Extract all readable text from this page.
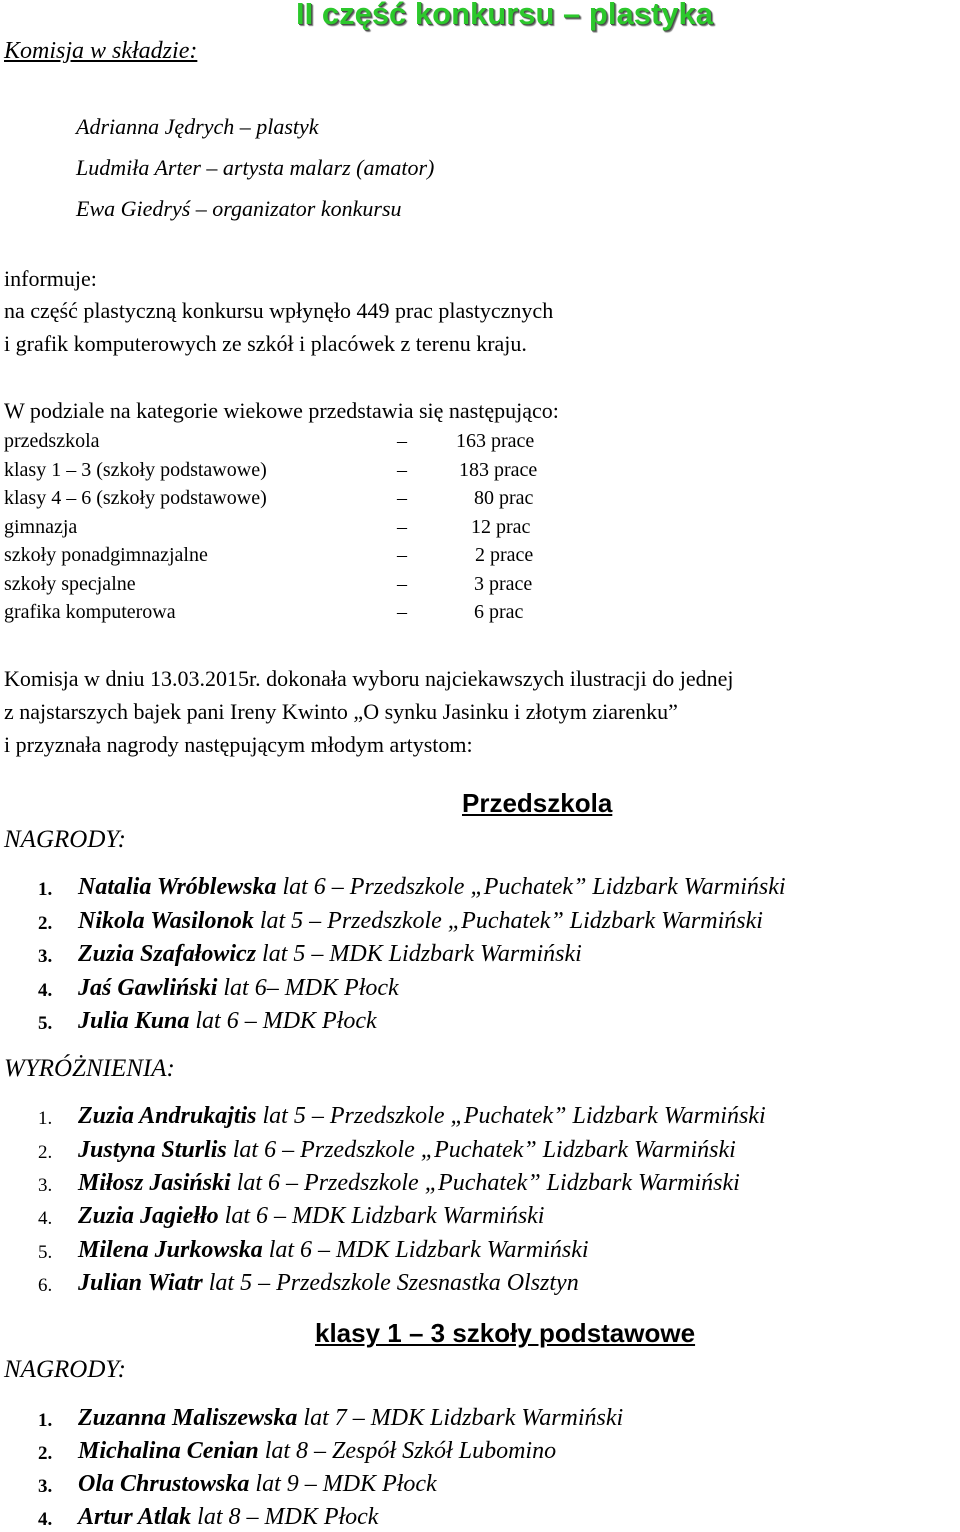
II część konkursu – plastyka
Komisja w składzie:
Adrianna Jędrych – plastyk
Ludmiła Arter – artysta malarz (amator)
Ewa Giedryś – organizator konkursu
informuje:
na część plastyczną konkursu wpłynęło 449 prac plastycznych
i grafik komputerowych ze szkół i placówek z terenu kraju.
W podziale na kategorie wiekowe przedstawia się następująco:
przedszkola	– 163 prace
klasy 1 – 3 (szkoły podstawowe)	–	183 prace
klasy 4 – 6 (szkoły podstawowe)	–	80 prac
gimnazja	–	12 prac
szkoły ponadgimnazjalne	–	2 prace
szkoły specjalne	–	3 prace
grafika komputerowa	–	6 prac
Komisja w dniu 13.03.2015r. dokonała wyboru najciekawszych ilustracji do jednej
z najstarszych bajek pani Ireny Kwinto „O synku Jasinku i złotym ziarenku”
i przyznała nagrody następującym młodym artystom:
Przedszkola
NAGRODY:
1. Natalia Wróblewska lat 6 – Przedszkole „Puchatek” Lidzbark Warmiński
2. Nikola Wasilonok lat 5 – Przedszkole „Puchatek” Lidzbark Warmiński
3. Zuzia Szafałowicz lat 5 – MDK Lidzbark Warmiński
4. Jaś Gawliński lat 6– MDK Płock
5. Julia Kuna lat 6 – MDK Płock
WYRÓŻNIENIA:
1. Zuzia Andrukajtis lat 5 – Przedszkole „Puchatek” Lidzbark Warmiński
2. Justyna Sturlis lat 6 – Przedszkole „Puchatek” Lidzbark Warmiński
3. Miłosz Jasiński lat 6 – Przedszkole „Puchatek” Lidzbark Warmiński
4. Zuzia Jagiełło lat 6 – MDK Lidzbark Warmiński
5. Milena Jurkowska lat 6 – MDK Lidzbark Warmiński
6. Julian Wiatr lat 5 – Przedszkole Szesnastka Olsztyn
klasy 1 – 3 szkoły podstawowe
NAGRODY:
1. Zuzanna Maliszewska lat 7 – MDK Lidzbark Warmiński
2. Michalina Cenian lat 8 – Zespół Szkół Lubomino
3. Ola Chrustowska lat 9 – MDK Płock
4. Artur Atlak lat 8 – MDK Płock
